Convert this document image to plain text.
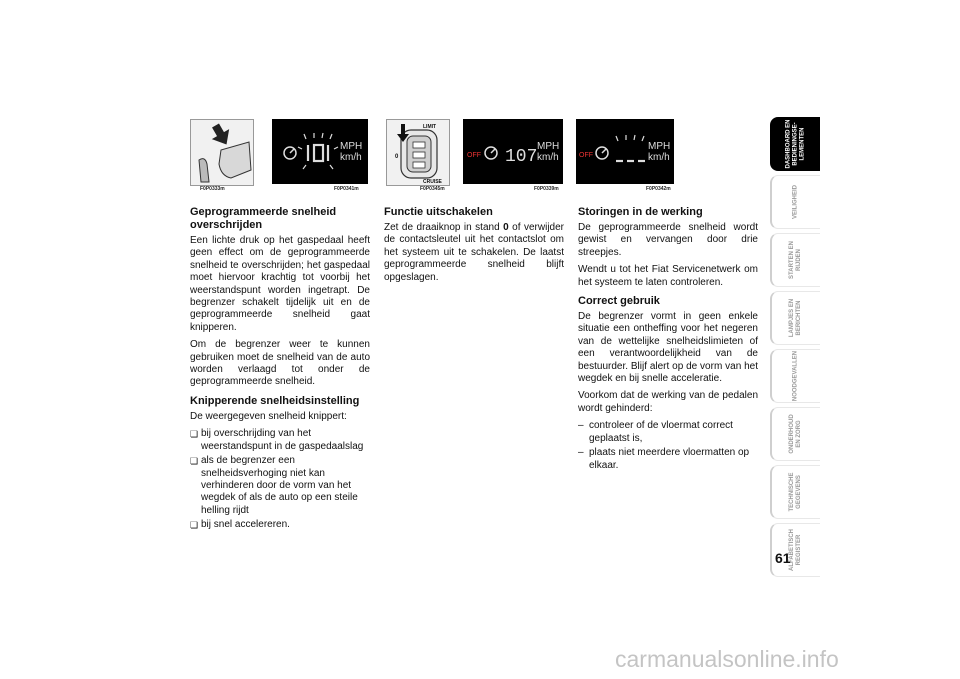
F0P0333m
MPH
km/h
F0P0341m
LIMIT
CRUISE
0
F0P0345m
OFF 107
MPH
km/h
F0P0339m
OFF
MPH
km/h
F0P0342m
Geprogrammeerde snelheid overschrijden

Een lichte druk op het gaspedaal heeft geen effect om de geprogrammeerde snelheid te overschrijden; het gaspedaal moet hiervoor krachtig tot voorbij het weerstandspunt worden ingetrapt. De begrenzer schakelt tijdelijk uit en de geprogrammeerde snelheid gaat knipperen.

Om de begrenzer weer te kunnen gebruiken moet de snelheid van de auto worden verlaagd tot onder de geprogrammeerde snelheid.

Knipperende snelheidsinstelling

De weergegeven snelheid knippert:

❏ bij overschrijding van het weerstandspunt in de gaspedaalslag
❏ als de begrenzer een snelheidsverhoging niet kan verhinderen door de vorm van het wegdek of als de auto op een steile helling rijdt
❏ bij snel accelereren.
Functie uitschakelen

Zet de draaiknop in stand 0 of verwijder de contactsleutel uit het contactslot om het systeem uit te schakelen. De laatst geprogrammeerde snelheid blijft opgeslagen.

Storingen in de werking

De geprogrammeerde snelheid wordt gewist en vervangen door drie streepjes.

Wendt u tot het Fiat Servicenetwerk om het systeem te laten controleren.

Correct gebruik

De begrenzer vormt in geen enkele situatie een ontheffing voor het negeren van de wettelijke snelheidslimieten of een verantwoordelijkheid van de bestuurder. Blijf alert op de vorm van het wegdek en bij snelle acceleratie.

Voorkom dat de werking van de pedalen wordt gehinderd:

– controleer of de vloermat correct geplaatst is,
– plaats niet meerdere vloermatten op elkaar.
DASHBOARD EN
BEDIENINGSE-
LEMENTEN
VEILIGHEID
STARTEN EN
RIJDEN
LAMPJES EN
BERICHTEN
NOODGEVALLEN
ONDERHOUD
EN ZORG
TECHNISCHE
GEGEVENS
ALFABETISCH
REGISTER
61
carmanualsonline.info
